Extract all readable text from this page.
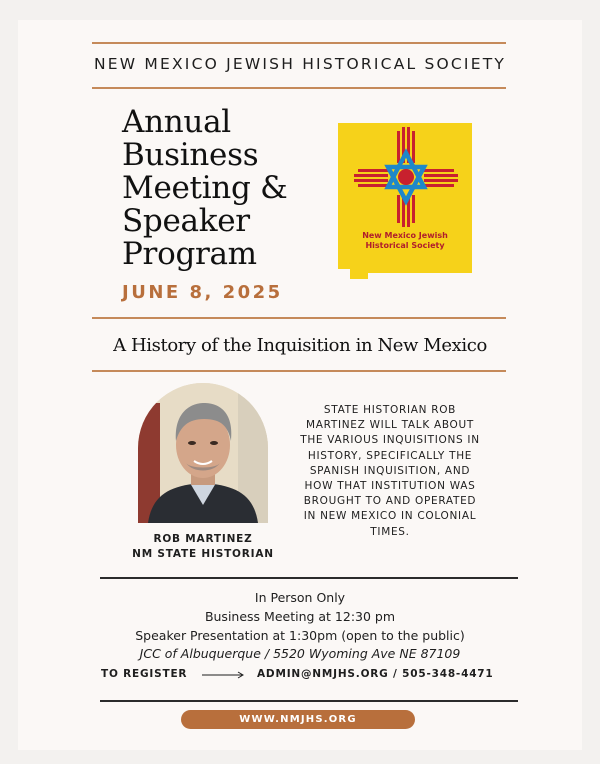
NEW MEXICO JEWISH HISTORICAL SOCIETY
Annual
Business
Meeting &
Speaker
Program
JUNE 8, 2025
New Mexico Jewish
Historical Society
A History of the Inquisition in New Mexico
ROB MARTINEZ
NM STATE HISTORIAN
STATE HISTORIAN ROB
MARTINEZ WILL TALK ABOUT
THE VARIOUS INQUISITIONS IN
HISTORY, SPECIFICALLY THE
SPANISH INQUISITION, AND
HOW THAT INSTITUTION WAS
BROUGHT TO AND OPERATED
IN NEW MEXICO IN COLONIAL
TIMES.
In Person Only
Business Meeting at 12:30 pm
Speaker Presentation at 1:30pm (open to the public)
JCC of Albuquerque / 5520 Wyoming Ave NE 87109
TO REGISTER	ADMIN@NMJHS.ORG / 505-348-4471
WWW.NMJHS.ORG
